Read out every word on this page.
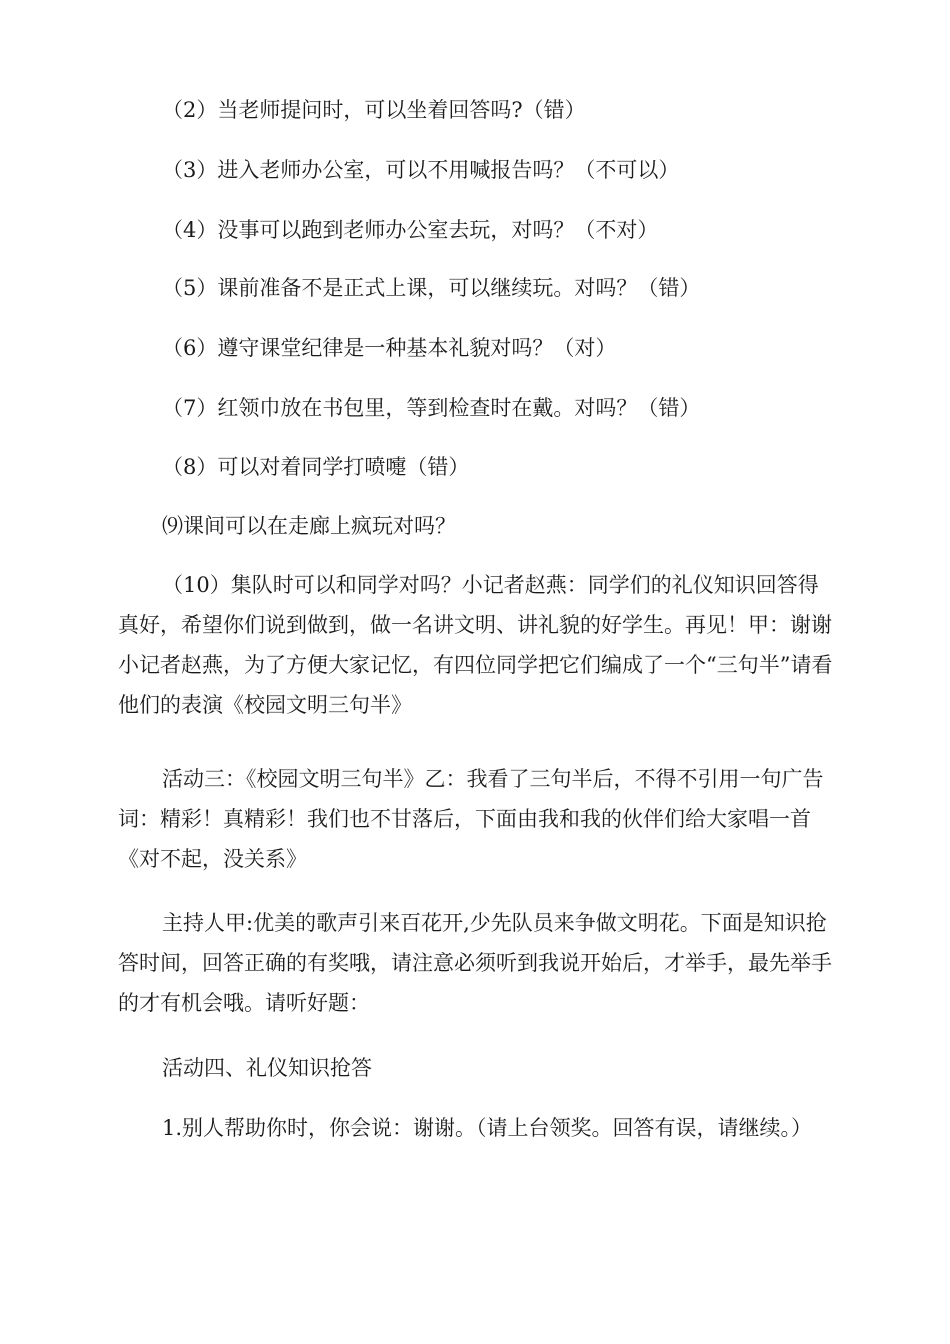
（2）当老师提问时，可以坐着回答吗?（错）

（3）进入老师办公室，可以不用喊报告吗？（不可以）

（4）没事可以跑到老师办公室去玩，对吗？（不对）

（5）课前准备不是正式上课，可以继续玩。对吗？（错）

（6）遵守课堂纪律是一种基本礼貌对吗？（对）

（7）红领巾放在书包里，等到检查时在戴。对吗？（错）

（8）可以对着同学打喷嚏（错）

⑼课间可以在走廊上疯玩对吗？

（10）集队时可以和同学对吗？小记者赵燕：同学们的礼仪知识回答得真好，希望你们说到做到，做一名讲文明、讲礼貌的好学生。再见！甲：谢谢小记者赵燕，为了方便大家记忆，有四位同学把它们编成了一个“三句半”请看他们的表演《校园文明三句半》

活动三：《校园文明三句半》乙：我看了三句半后，不得不引用一句广告词：精彩！真精彩！我们也不甘落后，下面由我和我的伙伴们给大家唱一首《对不起，没关系》

主持人甲:优美的歌声引来百花开,少先队员来争做文明花。下面是知识抢答时间，回答正确的有奖哦，请注意必须听到我说开始后，才举手，最先举手的才有机会哦。请听好题：

活动四、礼仪知识抢答

1.别人帮助你时，你会说：谢谢。（请上台领奖。回答有误，请继续。）
